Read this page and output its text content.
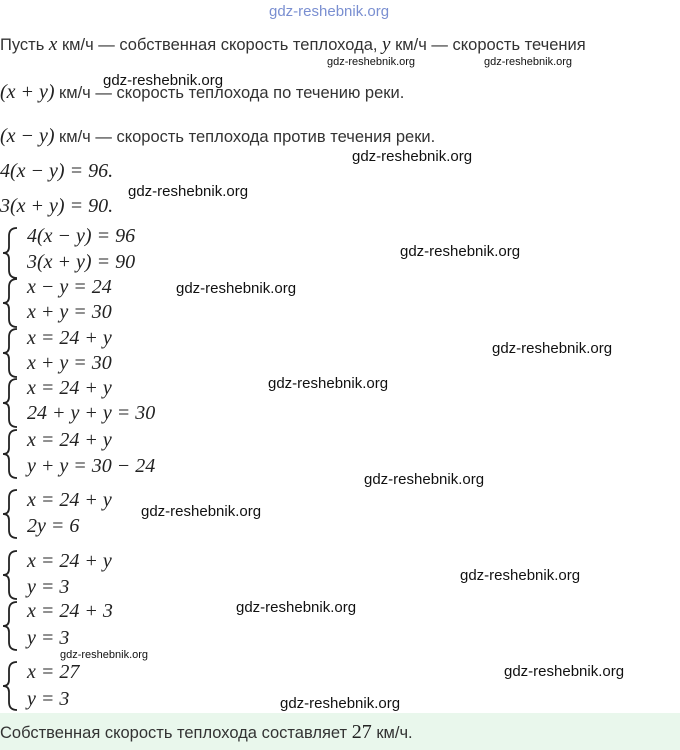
gdz-reshebnik.org
Пусть x км/ч — собственная скорость теплохода, y км/ч — скорость течения
gdz-reshebnik.org	gdz-reshebnik.org
gdz-reshebnik.org
(x + y) км/ч — скорость теплохода по течению реки.
(x − y) км/ч — скорость теплохода против течения реки.
gdz-reshebnik.org
4(x − y) = 96.
gdz-reshebnik.org
3(x + y) = 90.
4(x − y) = 96
3(x + y) = 90	gdz-reshebnik.org
x − y = 24	gdz-reshebnik.org
x + y = 30
x = 24 + y	gdz-reshebnik.org
x + y = 30
x = 24 + y	gdz-reshebnik.org
24 + y + y = 30
x = 24 + y
y + y = 30 − 24
gdz-reshebnik.org
x = 24 + y
gdz-reshebnik.org
2y = 6
x = 24 + y
gdz-reshebnik.org
y = 3
x = 24 + 3	gdz-reshebnik.org
y = 3
gdz-reshebnik.org
x = 27	gdz-reshebnik.org
y = 3	gdz-reshebnik.org
Собственная скорость теплохода составляет 27 км/ч.
